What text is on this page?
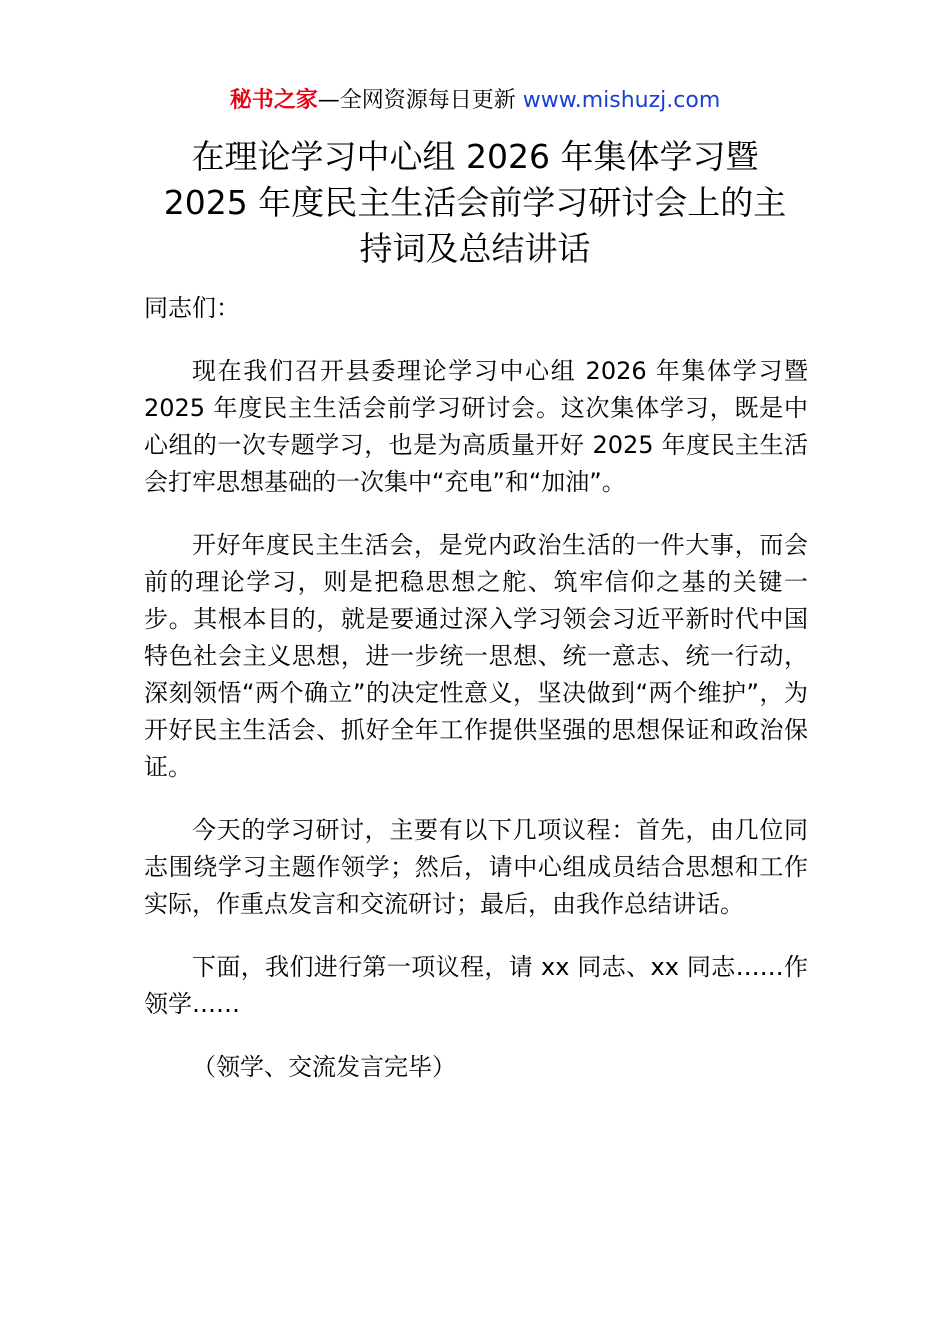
秘书之家—全网资源每日更新 www.mishuzj.com
在理论学习中心组 2026 年集体学习暨
2025 年度民主生活会前学习研讨会上的主
持词及总结讲话

同志们：

现在我们召开县委理论学习中心组 2026 年集体学习暨 2025 年度民主生活会前学习研讨会。这次集体学习，既是中心组的一次专题学习，也是为高质量开好 2025 年度民主生活会打牢思想基础的一次集中“充电”和“加油”。

开好年度民主生活会，是党内政治生活的一件大事，而会前的理论学习，则是把稳思想之舵、筑牢信仰之基的关键一步。其根本目的，就是要通过深入学习领会习近平新时代中国特色社会主义思想，进一步统一思想、统一意志、统一行动，深刻领悟“两个确立”的决定性意义，坚决做到“两个维护”，为开好民主生活会、抓好全年工作提供坚强的思想保证和政治保证。

今天的学习研讨，主要有以下几项议程：首先，由几位同志围绕学习主题作领学；然后，请中心组成员结合思想和工作实际，作重点发言和交流研讨；最后，由我作总结讲话。

下面，我们进行第一项议程，请 xx 同志、xx 同志……作领学……

（领学、交流发言完毕）
